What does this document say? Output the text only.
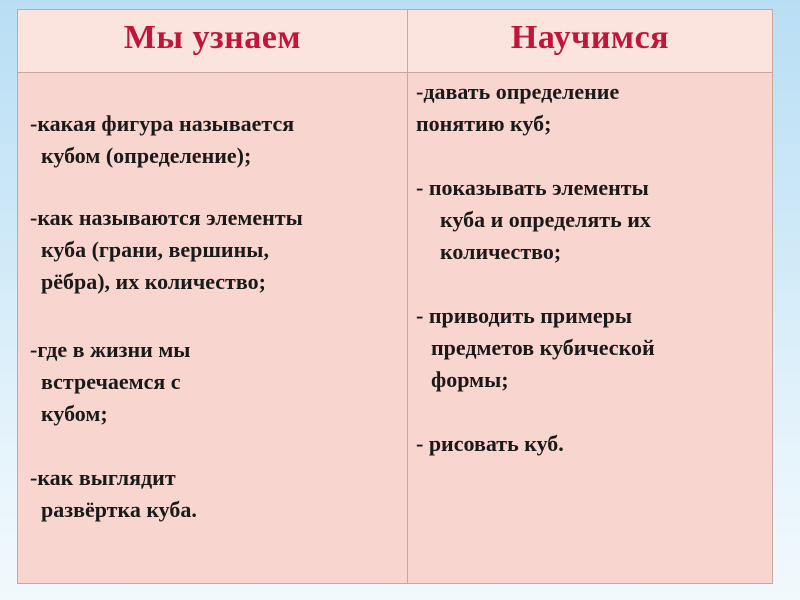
Мы узнаем	Научимся

-какая фигура называется
кубом (определение);

-как называются элементы
куба (грани, вершины,
рёбра), их количество;

-где в жизни мы
встречаемся с
кубом;

-как выглядит
развёртка куба.

-давать определение
понятию куб;

- показывать элементы
куба и определять их
количество;

- приводить примеры
предметов кубической
формы;

- рисовать куб.
